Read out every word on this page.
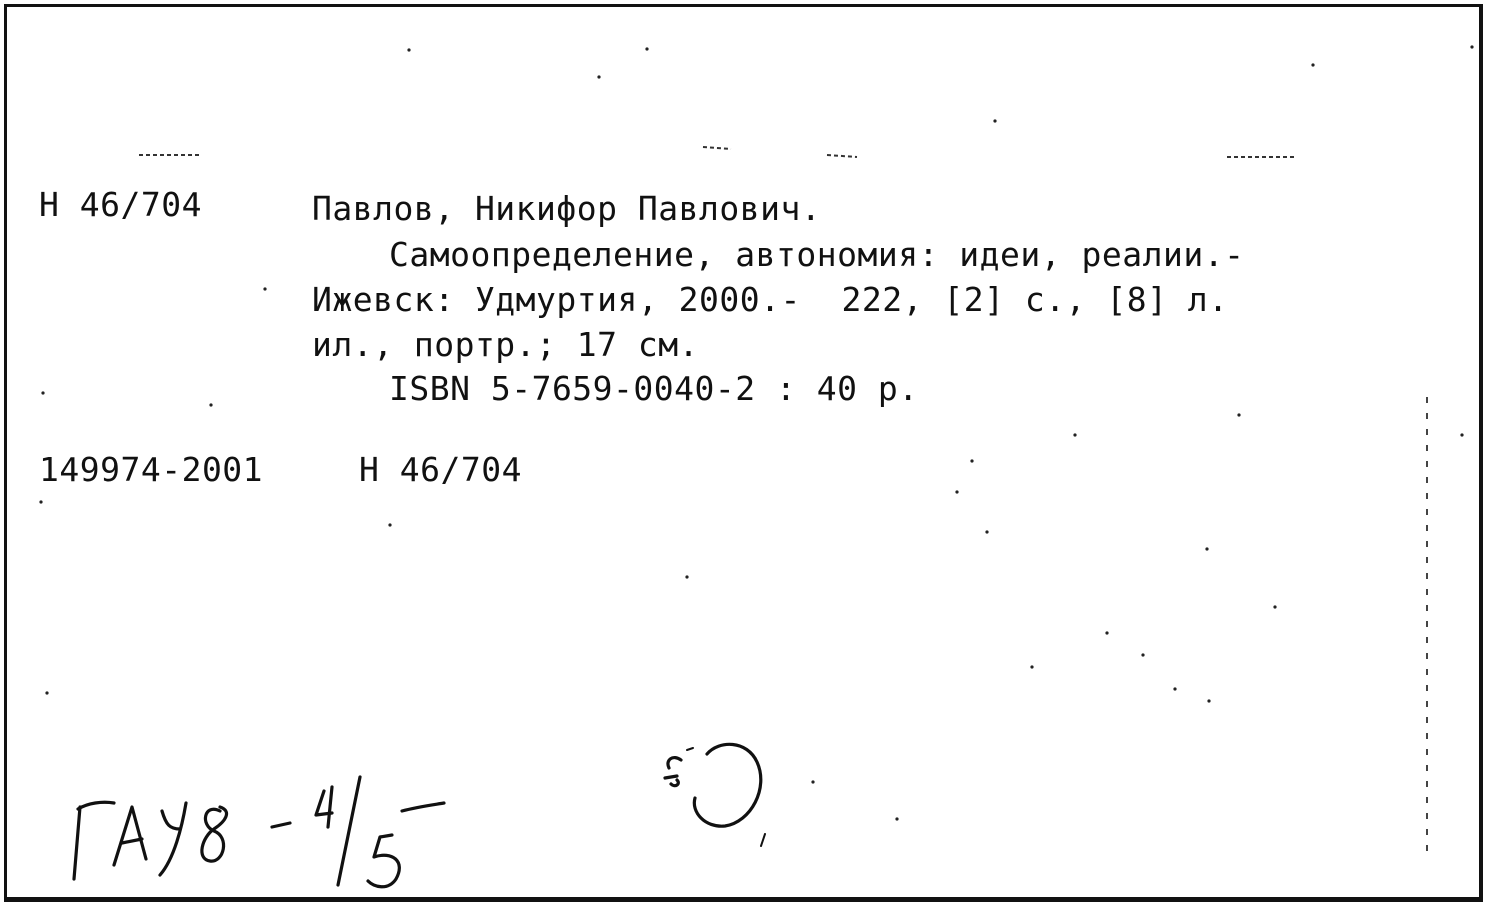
H 46/704	Павлов, Никифор Павлович.
Самоопределение, автономия: идеи, реалии.-
Ижевск: Удмуртия, 2000.-  222, [2] с., [8] л.
ил., портр.; 17 см.
ISBN 5-7659-0040-2 : 40 р.
149974-2001	H 46/704
